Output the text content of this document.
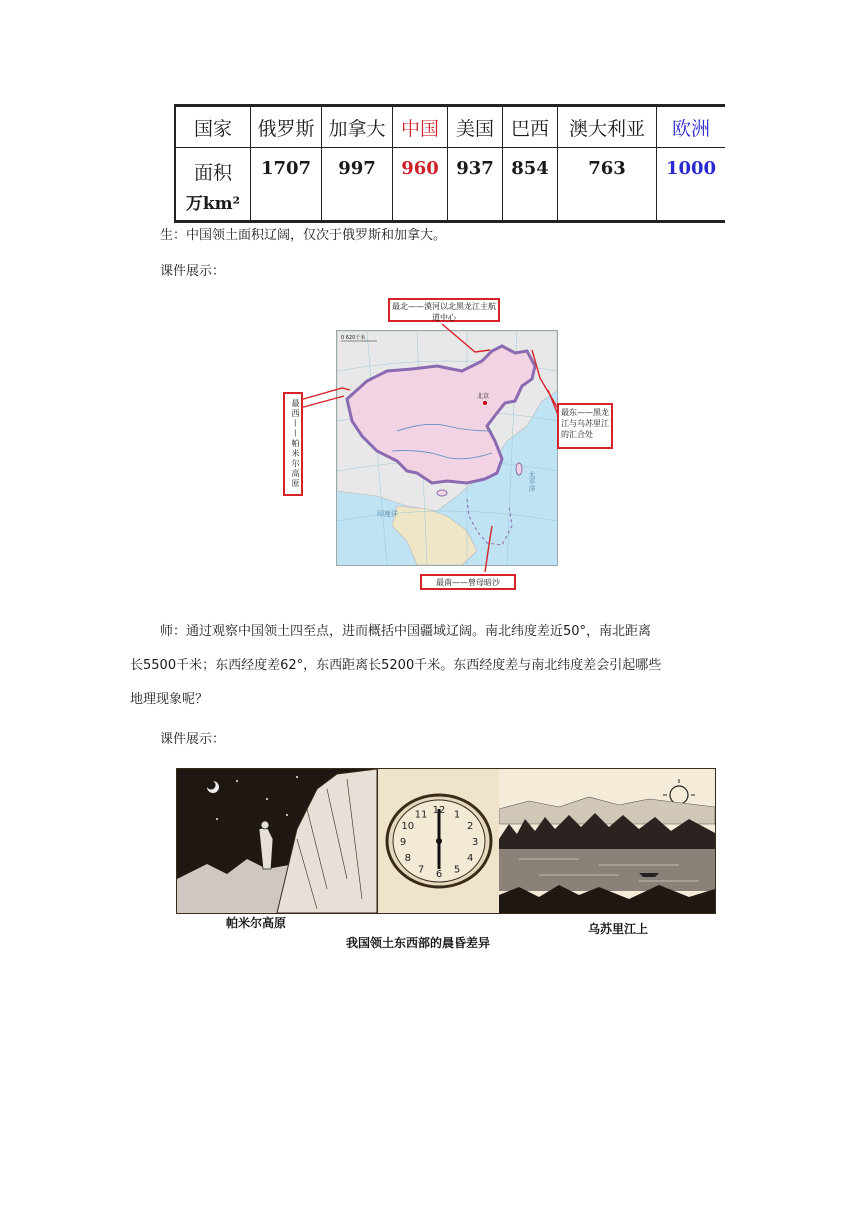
国家	俄罗斯	加拿大	中国	美国	巴西	澳大利亚	欧洲

面积
万km²	1707	997	960	937	854	763	1000
生：中国领土面积辽阔，仅次于俄罗斯和加拿大。
课件展示：
北京
0 620千米
印度洋
太平洋
最北——漠河以北黑龙江主航道中心
最西——帕米尔高原	最东——黑龙江与乌苏里江的汇合处
最南——曾母暗沙
师：通过观察中国领土四至点，进而概括中国疆域辽阔。南北纬度差近50°，南北距离
长5500千米；东西经度差62°，东西距离长5200千米。东西经度差与南北纬度差会引起哪些
地理现象呢？
课件展示：
12 1
2
3
4
5
6
7
8
9
10
11
帕米尔高原	乌苏里江上
我国领土东西部的晨昏差异
